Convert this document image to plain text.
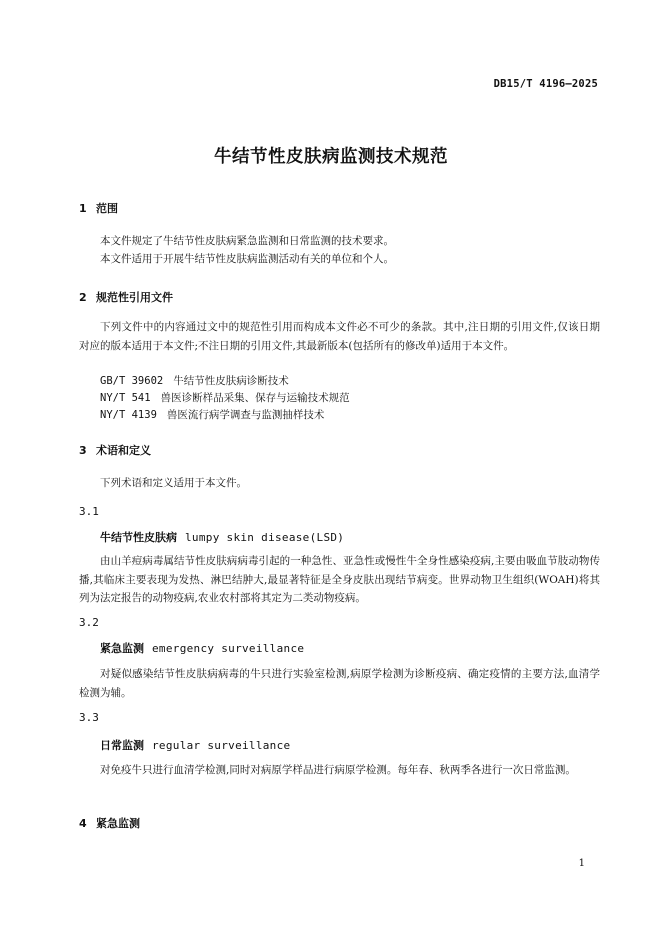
DB15/T 4196—2025
牛结节性皮肤病监测技术规范
1 范围
本文件规定了牛结节性皮肤病紧急监测和日常监测的技术要求。
本文件适用于开展牛结节性皮肤病监测活动有关的单位和个人。
2 规范性引用文件

下列文件中的内容通过文中的规范性引用而构成本文件必不可少的条款。其中,注日期的引用文件,仅该日期对应的版本适用于本文件;不注日期的引用文件,其最新版本(包括所有的修改单)适用于本文件。

GB/T 39602 牛结节性皮肤病诊断技术
NY/T 541 兽医诊断样品采集、保存与运输技术规范
NY/T 4139 兽医流行病学调查与监测抽样技术
3 术语和定义
下列术语和定义适用于本文件。
3.1
牛结节性皮肤病 lumpy skin disease(LSD)

由山羊痘病毒属结节性皮肤病病毒引起的一种急性、亚急性或慢性牛全身性感染疫病,主要由吸血节肢动物传播,其临床主要表现为发热、淋巴结肿大,最显著特征是全身皮肤出现结节病变。世界动物卫生组织(WOAH)将其列为法定报告的动物疫病,农业农村部将其定为二类动物疫病。

3.2
紧急监测 emergency surveillance

对疑似感染结节性皮肤病病毒的牛只进行实验室检测,病原学检测为诊断疫病、确定疫情的主要方法,血清学检测为辅。

3.3
日常监测 regular surveillance

对免疫牛只进行血清学检测,同时对病原学样品进行病原学检测。每年春、秋两季各进行一次日常监测。

4 紧急监测
1
